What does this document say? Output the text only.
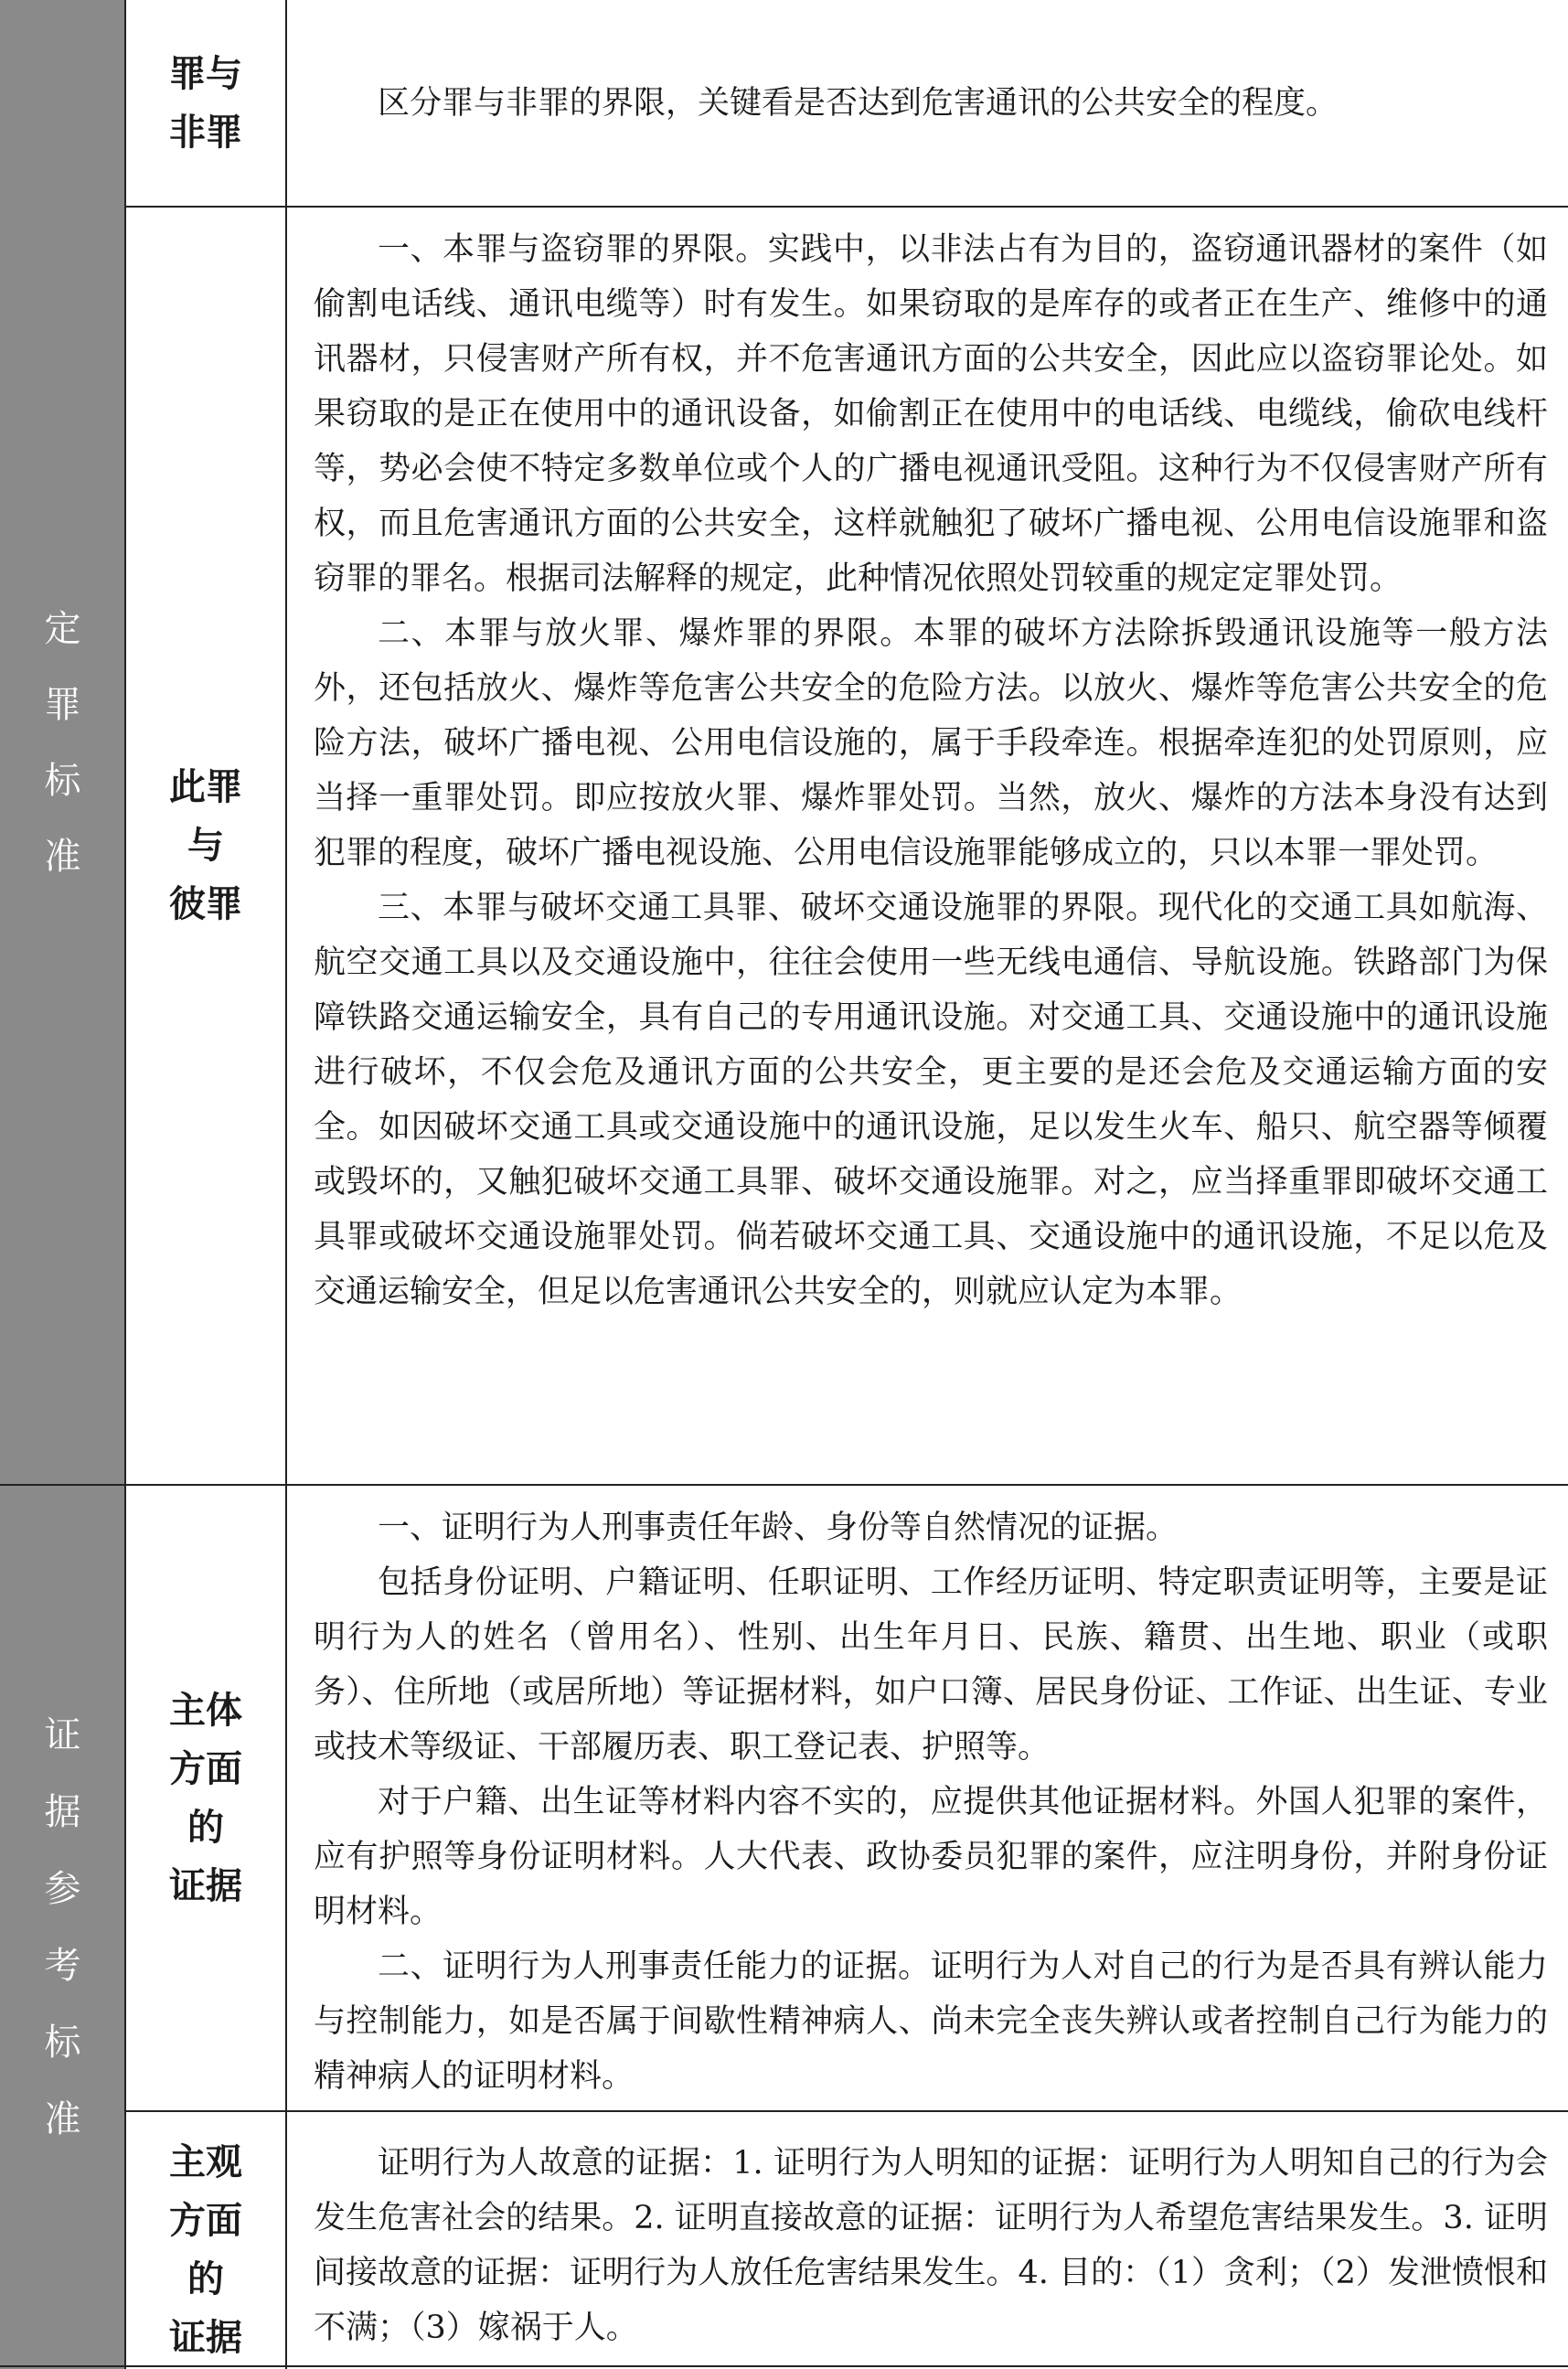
定
罪
标
准
罪与
非罪

区分罪与非罪的界限，关键看是否达到危害通讯的公共安全的程度。

此罪
与
彼罪

一、本罪与盗窃罪的界限。实践中，以非法占有为目的，盗窃通讯器材的案件（如偷割电话线、通讯电缆等）时有发生。如果窃取的是库存的或者正在生产、维修中的通讯器材，只侵害财产所有权，并不危害通讯方面的公共安全，因此应以盗窃罪论处。如果窃取的是正在使用中的通讯设备，如偷割正在使用中的电话线、电缆线，偷砍电线杆等，势必会使不特定多数单位或个人的广播电视通讯受阻。这种行为不仅侵害财产所有权，而且危害通讯方面的公共安全，这样就触犯了破坏广播电视、公用电信设施罪和盗窃罪的罪名。根据司法解释的规定，此种情况依照处罚较重的规定定罪处罚。

二、本罪与放火罪、爆炸罪的界限。本罪的破坏方法除拆毁通讯设施等一般方法外，还包括放火、爆炸等危害公共安全的危险方法。以放火、爆炸等危害公共安全的危险方法，破坏广播电视、公用电信设施的，属于手段牵连。根据牵连犯的处罚原则，应当择一重罪处罚。即应按放火罪、爆炸罪处罚。当然，放火、爆炸的方法本身没有达到犯罪的程度，破坏广播电视设施、公用电信设施罪能够成立的，只以本罪一罪处罚。

三、本罪与破坏交通工具罪、破坏交通设施罪的界限。现代化的交通工具如航海、航空交通工具以及交通设施中，往往会使用一些无线电通信、导航设施。铁路部门为保障铁路交通运输安全，具有自己的专用通讯设施。对交通工具、交通设施中的通讯设施进行破坏，不仅会危及通讯方面的公共安全，更主要的是还会危及交通运输方面的安全。如因破坏交通工具或交通设施中的通讯设施，足以发生火车、船只、航空器等倾覆或毁坏的，又触犯破坏交通工具罪、破坏交通设施罪。对之，应当择重罪即破坏交通工具罪或破坏交通设施罪处罚。倘若破坏交通工具、交通设施中的通讯设施，不足以危及交通运输安全，但足以危害通讯公共安全的，则就应认定为本罪。

证
据
参
考
标
准
主体
方面
的
证据

一、证明行为人刑事责任年龄、身份等自然情况的证据。

包括身份证明、户籍证明、任职证明、工作经历证明、特定职责证明等，主要是证明行为人的姓名（曾用名）、性别、出生年月日、民族、籍贯、出生地、职业（或职务）、住所地（或居所地）等证据材料，如户口簿、居民身份证、工作证、出生证、专业或技术等级证、干部履历表、职工登记表、护照等。

对于户籍、出生证等材料内容不实的，应提供其他证据材料。外国人犯罪的案件，应有护照等身份证明材料。人大代表、政协委员犯罪的案件，应注明身份，并附身份证明材料。

二、证明行为人刑事责任能力的证据。证明行为人对自己的行为是否具有辨认能力与控制能力，如是否属于间歇性精神病人、尚未完全丧失辨认或者控制自己行为能力的精神病人的证明材料。

主观
方面
的
证据

证明行为人故意的证据：1. 证明行为人明知的证据：证明行为人明知自己的行为会发生危害社会的结果。2. 证明直接故意的证据：证明行为人希望危害结果发生。3. 证明间接故意的证据：证明行为人放任危害结果发生。4. 目的：（1）贪利；（2）发泄愤恨和不满；（3）嫁祸于人。
